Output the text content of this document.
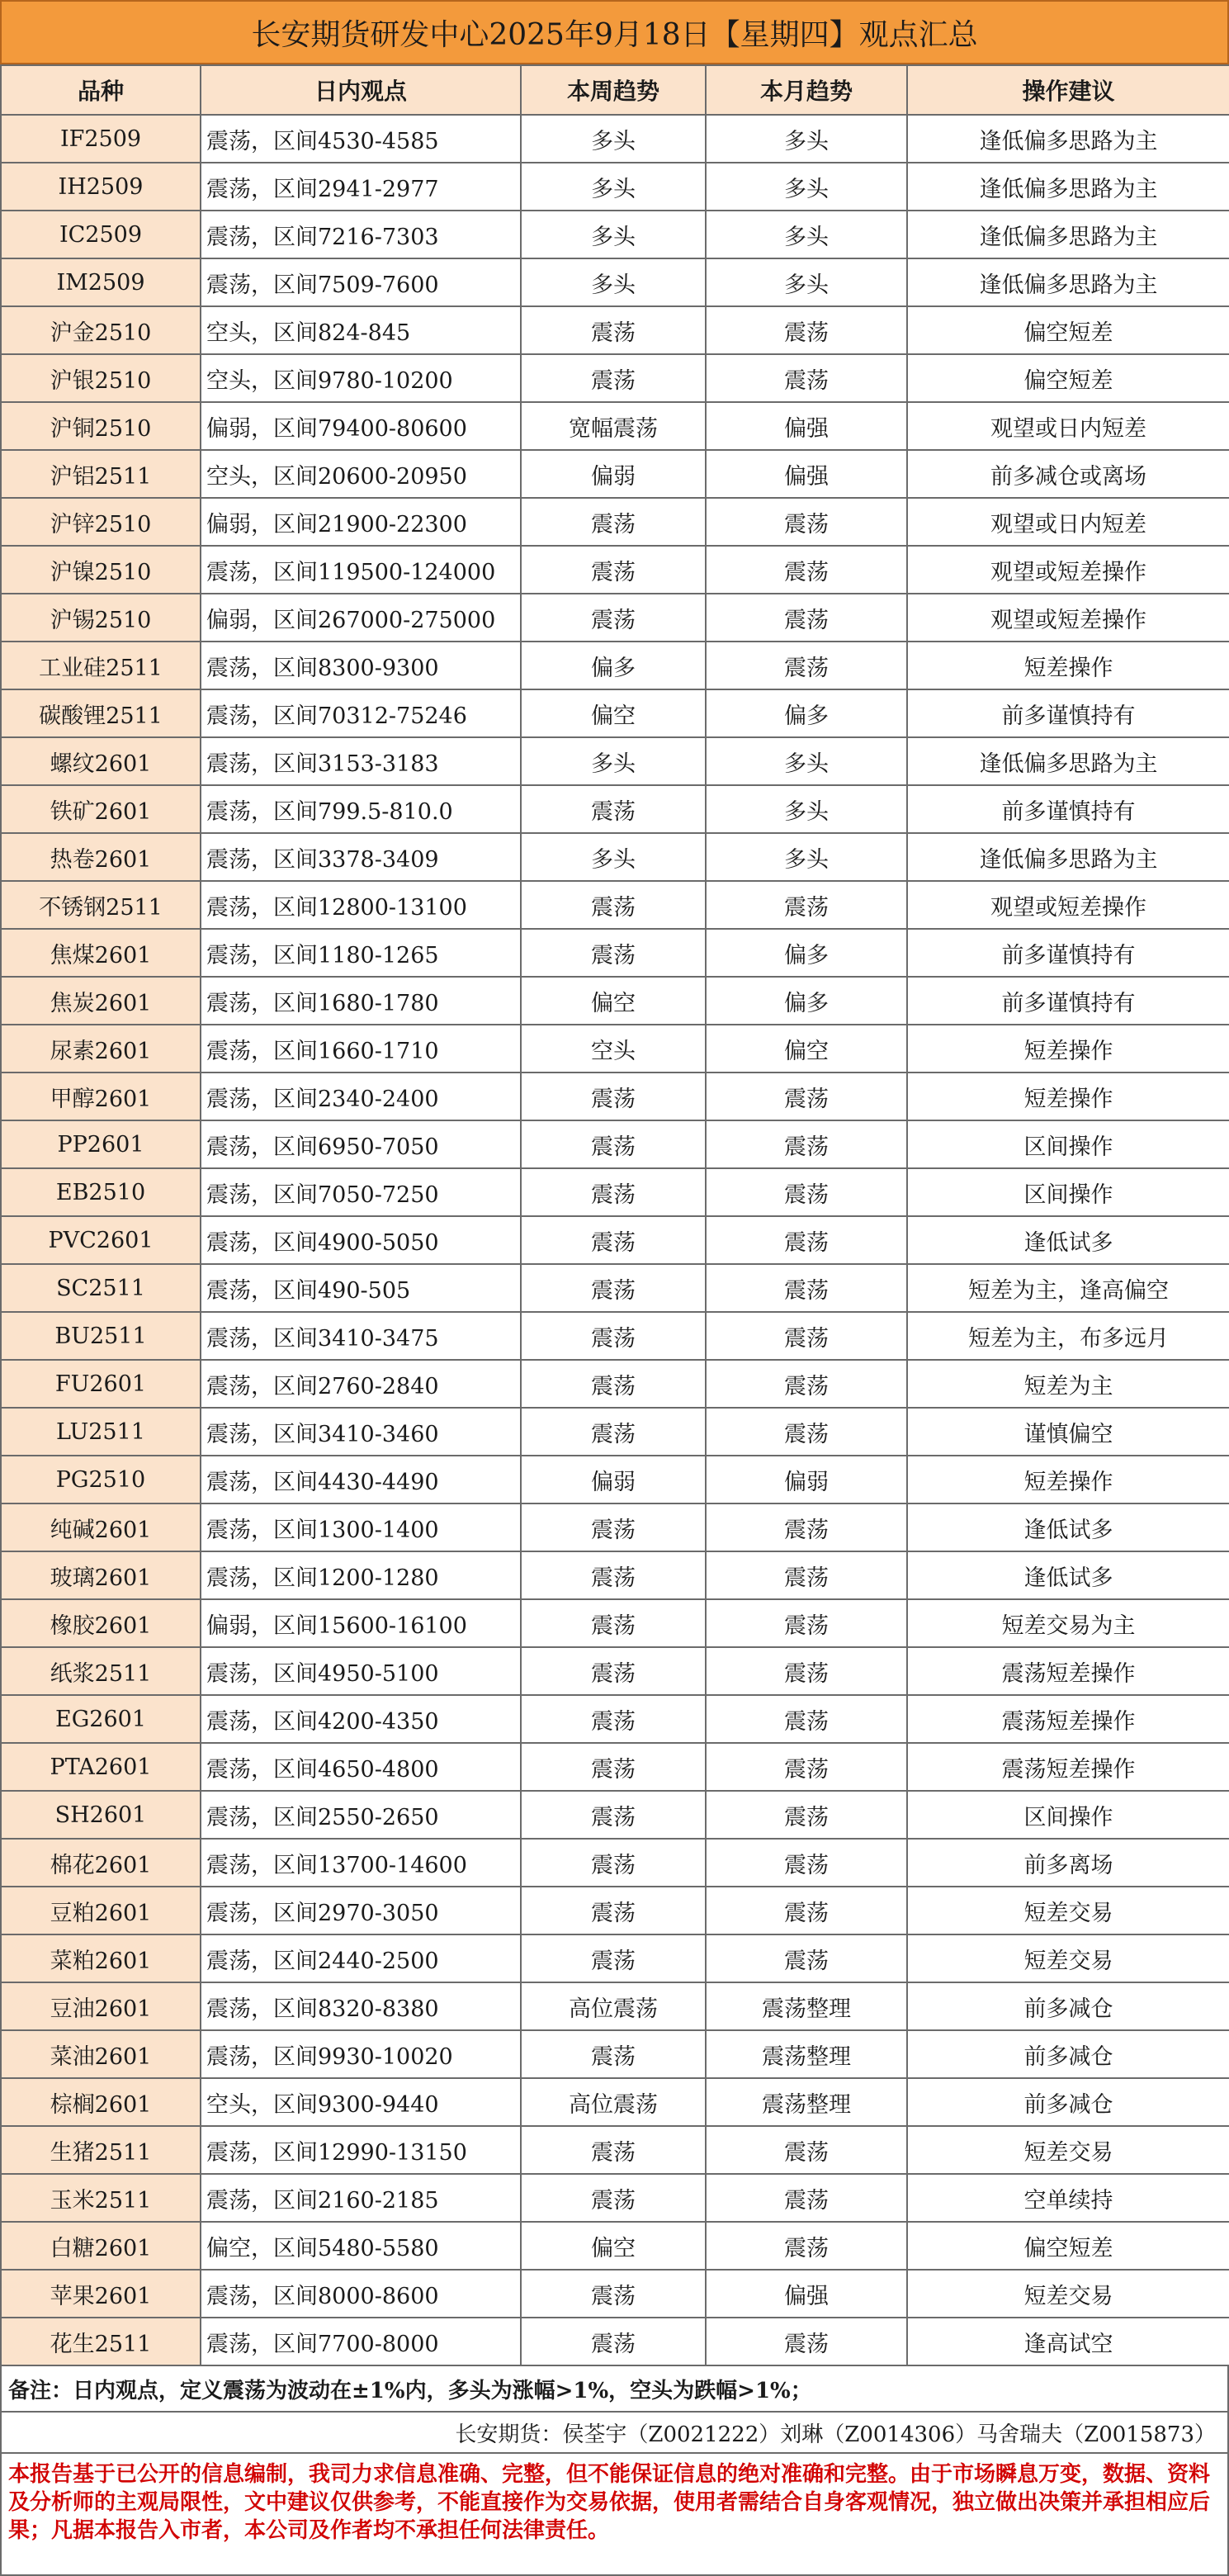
长安期货研发中心2025年9月18日【星期四】观点汇总
品种	日内观点	本周趋势	本月趋势	操作建议
IF2509	震荡，区间4530-4585	多头	多头	逢低偏多思路为主
IH2509	震荡，区间2941-2977	多头	多头	逢低偏多思路为主
IC2509	震荡，区间7216-7303	多头	多头	逢低偏多思路为主
IM2509	震荡，区间7509-7600	多头	多头	逢低偏多思路为主
沪金2510	空头，区间824-845	震荡	震荡	偏空短差
沪银2510	空头，区间9780-10200	震荡	震荡	偏空短差
沪铜2510	偏弱，区间79400-80600	宽幅震荡	偏强	观望或日内短差
沪铝2511	空头，区间20600-20950	偏弱	偏强	前多减仓或离场
沪锌2510	偏弱，区间21900-22300	震荡	震荡	观望或日内短差
沪镍2510	震荡，区间119500-124000	震荡	震荡	观望或短差操作
沪锡2510	偏弱，区间267000-275000	震荡	震荡	观望或短差操作
工业硅2511	震荡，区间8300-9300	偏多	震荡	短差操作
碳酸锂2511	震荡，区间70312-75246	偏空	偏多	前多谨慎持有
螺纹2601	震荡，区间3153-3183	多头	多头	逢低偏多思路为主
铁矿2601	震荡，区间799.5-810.0	震荡	多头	前多谨慎持有
热卷2601	震荡，区间3378-3409	多头	多头	逢低偏多思路为主
不锈钢2511	震荡，区间12800-13100	震荡	震荡	观望或短差操作
焦煤2601	震荡，区间1180-1265	震荡	偏多	前多谨慎持有
焦炭2601	震荡，区间1680-1780	偏空	偏多	前多谨慎持有
尿素2601	震荡，区间1660-1710	空头	偏空	短差操作
甲醇2601	震荡，区间2340-2400	震荡	震荡	短差操作
PP2601	震荡，区间6950-7050	震荡	震荡	区间操作
EB2510	震荡，区间7050-7250	震荡	震荡	区间操作
PVC2601	震荡，区间4900-5050	震荡	震荡	逢低试多
SC2511	震荡，区间490-505	震荡	震荡	短差为主，逢高偏空
BU2511	震荡，区间3410-3475	震荡	震荡	短差为主，布多远月
FU2601	震荡，区间2760-2840	震荡	震荡	短差为主
LU2511	震荡，区间3410-3460	震荡	震荡	谨慎偏空
PG2510	震荡，区间4430-4490	偏弱	偏弱	短差操作
纯碱2601	震荡，区间1300-1400	震荡	震荡	逢低试多
玻璃2601	震荡，区间1200-1280	震荡	震荡	逢低试多
橡胶2601	偏弱，区间15600-16100	震荡	震荡	短差交易为主
纸浆2511	震荡，区间4950-5100	震荡	震荡	震荡短差操作
EG2601	震荡，区间4200-4350	震荡	震荡	震荡短差操作
PTA2601	震荡，区间4650-4800	震荡	震荡	震荡短差操作
SH2601	震荡，区间2550-2650	震荡	震荡	区间操作
棉花2601	震荡，区间13700-14600	震荡	震荡	前多离场
豆粕2601	震荡，区间2970-3050	震荡	震荡	短差交易
菜粕2601	震荡，区间2440-2500	震荡	震荡	短差交易
豆油2601	震荡，区间8320-8380	高位震荡	震荡整理	前多减仓
菜油2601	震荡，区间9930-10020	震荡	震荡整理	前多减仓
棕榈2601	空头，区间9300-9440	高位震荡	震荡整理	前多减仓
生猪2511	震荡，区间12990-13150	震荡	震荡	短差交易
玉米2511	震荡，区间2160-2185	震荡	震荡	空单续持
白糖2601	偏空，区间5480-5580	偏空	震荡	偏空短差
苹果2601	震荡，区间8000-8600	震荡	偏强	短差交易
花生2511	震荡，区间7700-8000	震荡	震荡	逢高试空
备注：日内观点，定义震荡为波动在±1%内，多头为涨幅>1%，空头为跌幅>1%；
长安期货：侯荃宇（Z0021222）刘琳（Z0014306）马舍瑞夫（Z0015873）
本报告基于已公开的信息编制，我司力求信息准确、完整，但不能保证信息的绝对准确和完整。由于市场瞬息万变，数据、资料及分析师的主观局限性，文中建议仅供参考，不能直接作为交易依据，使用者需结合自身客观情况，独立做出决策并承担相应后果；凡据本报告入市者，本公司及作者均不承担任何法律责任。
